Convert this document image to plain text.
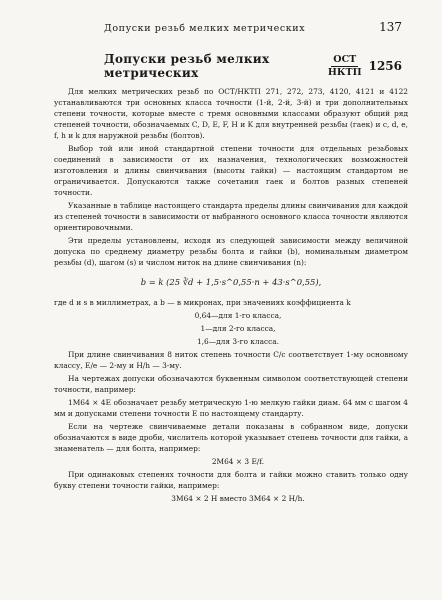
Допуски резьб мелких метрических	137
Допуски резьб мелких метрических	$\frac{\text{ОСТ}}{\text{НКТП}} 1256$

Для мелких метрических резьб по ОСТ/НКТП 271, 272, 273, 4120, 4121 и 4122 устанавливаются три основных класса точности (1-й, 2-й, 3-й) и три дополнительных степени точности, которые вместе с тремя основными классами образуют общий ряд степеней точности, обозначаемых C, D, E, F, H и K для внутренней резьбы (гаек) и c, d, e, f, h и k для наружной резьбы (болтов).

Выбор той или иной стандартной степени точности для отдельных резьбовых соединений в зависимости от их назначения, технологических возможностей изготовления и длины свинчивания (высоты гайки) — настоящим стандартом не ограничивается. Допускаются также сочетания гаек и болтов разных степеней точности.

Указанные в таблице настоящего стандарта пределы длины свинчивания для каждой из степеней точности в зависимости от выбранного основного класса точности являются ориентировочными.

Эти пределы установлены, исходя из следующей зависимости между величиной допуска по среднему диаметру резьбы болта и гайки (b), номинальным диаметром резьбы (d), шагом (s) и числом ниток на длине свинчивания (n):

b = k (25 ∛d + 1,5·s^0,55·n + 43·s^0,55),

где d и s в миллиметрах, а b — в микронах, при значениях коэффициента k

0,64—для 1-го класса,

1—для 2-го класса,

1,6—для 3-го класса.

При длине свинчивания 8 ниток степень точности C/c соответствует 1-му основному классу, E/e — 2-му и H/h — 3-му.

На чертежах допуски обозначаются буквенным символом соответствующей степени точности, например:

1M64 × 4E обозначает резьбу метрическую 1-ю мелкую гайки диам. 64 мм с шагом 4 мм и допусками степени точности E по настоящему стандарту.

Если на чертеже свинчиваемые детали показаны в собранном виде, допуски обозначаются в виде дроби, числитель которой указывает степень точности для гайки, а знаменатель — для болта, например:

2M64 × 3 E/f.

При одинаковых степенях точности для болта и гайки можно ставить только одну букву степени точности гайки, например:

3M64 × 2 H вместо 3M64 × 2 H/h.
